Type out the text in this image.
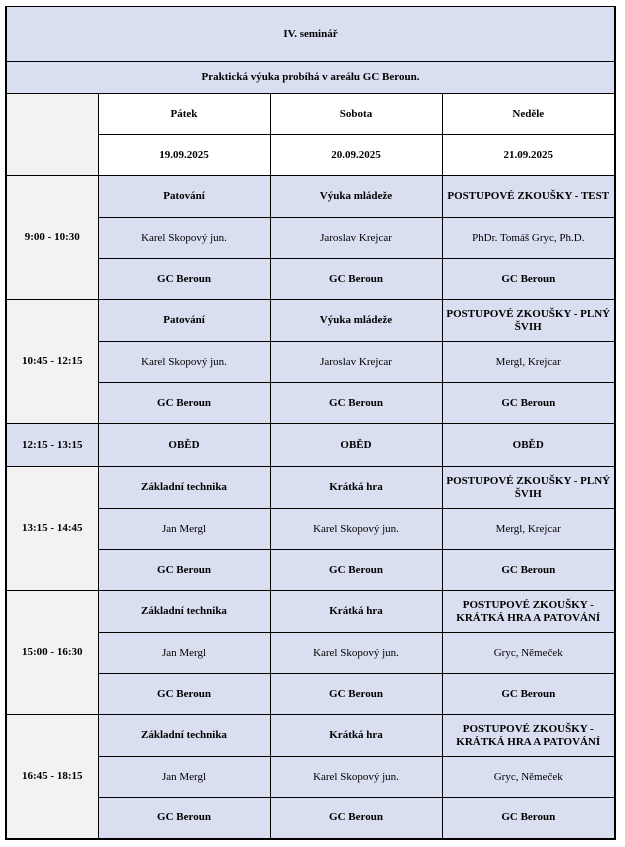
IV. seminář			
Praktická výuka probíhá v areálu GC Beroun.			
	Pátek	Sobota	Neděle
	19.09.2025	20.09.2025	21.09.2025
9:00 - 10:30	Patování	Výuka mládeže	POSTUPOVÉ ZKOUŠKY - TEST
	Karel Skopový jun.	Jaroslav Krejcar	PhDr. Tomáš Gryc, Ph.D.
	GC Beroun	GC Beroun	GC Beroun
10:45 - 12:15	Patování	Výuka mládeže	POSTUPOVÉ ZKOUŠKY - PLNÝ ŠVIH
	Karel Skopový jun.	Jaroslav Krejcar	Mergl, Krejcar
	GC Beroun	GC Beroun	GC Beroun
12:15 - 13:15	OBĚD	OBĚD	OBĚD
13:15 - 14:45	Základní technika	Krátká hra	POSTUPOVÉ ZKOUŠKY - PLNÝ ŠVIH
	Jan Mergl	Karel Skopový jun.	Mergl, Krejcar
	GC Beroun	GC Beroun	GC Beroun
15:00 - 16:30	Základní technika	Krátká hra	POSTUPOVÉ ZKOUŠKY - KRÁTKÁ HRA A PATOVÁNÍ
	Jan Mergl	Karel Skopový jun.	Gryc, Němeček
	GC Beroun	GC Beroun	GC Beroun
16:45 - 18:15	Základní technika	Krátká hra	POSTUPOVÉ ZKOUŠKY - KRÁTKÁ HRA A PATOVÁNÍ
	Jan Mergl	Karel Skopový jun.	Gryc, Němeček
	GC Beroun	GC Beroun	GC Beroun
